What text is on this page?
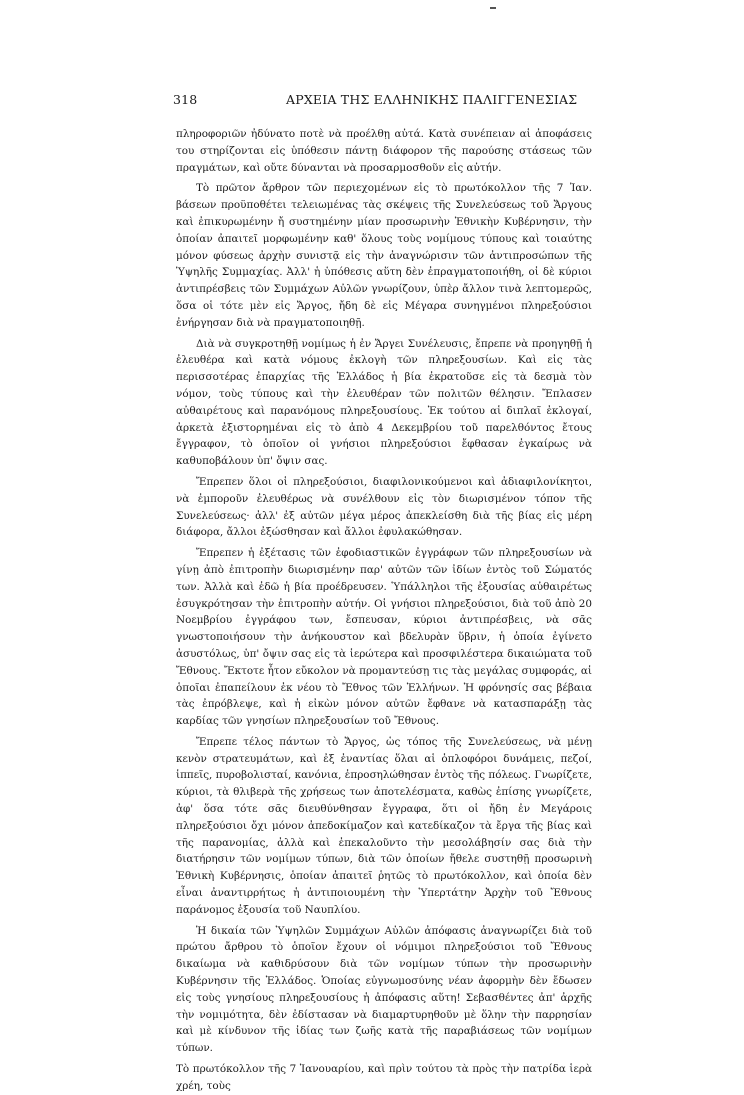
318	ΑΡΧΕΙΑ ΤΗΣ ΕΛΛΗΝΙΚΗΣ ΠΑΛΙΓΓΕΝΕΣΙΑΣ

πληροφοριῶν ἠδύνατο ποτὲ νὰ προέλθῃ αὐτά. Κατὰ συνέπειαν αἱ ἀποφάσεις του στηρίζονται εἰς ὑπόθεσιν πάντῃ διάφορον τῆς παρούσης στάσεως τῶν πραγμάτων, καὶ οὔτε δύνανται νὰ προσαρμοσθοῦν εἰς αὐτήν.

Τὸ πρῶτον ἄρθρον τῶν περιεχομένων εἰς τὸ πρωτόκολλον τῆς 7 Ἰαν. βάσεων προϋποθέτει τελειωμένας τὰς σκέψεις τῆς Συνελεύσεως τοῦ Ἄργους καὶ ἐπικυρωμένην ἤ συστημένην μίαν προσωρινὴν Ἐθνικὴν Κυβέρνησιν, τὴν ὁποίαν ἀπαιτεῖ μορφωμένην καθ' ὅλους τοὺς νομίμους τύπους καὶ τοιαύτης μόνον φύσεως ἀρχὴν συνιστᾷ εἰς τὴν ἀναγνώρισιν τῶν ἀντιπροσώπων τῆς Ὑψηλῆς Συμμαχίας. Ἀλλ' ἡ ὑπόθεσις αὕτη δὲν ἐπραγματοποιήθη, οἱ δὲ κύριοι ἀντιπρέσβεις τῶν Συμμάχων Αὐλῶν γνωρίζουν, ὑπὲρ ἄλλον τινὰ λεπτομερῶς, ὅσα οἱ τότε μὲν εἰς Ἄργος, ἤδη δὲ εἰς Μέγαρα συνηγμένοι πληρεξούσιοι ἐνήργησαν διὰ νὰ πραγματοποιηθῇ.

Διὰ νὰ συγκροτηθῇ νομίμως ἡ ἐν Ἄργει Συνέλευσις, ἔπρεπε νὰ προηγηθῇ ἡ ἐλευθέρα καὶ κατὰ νόμους ἐκλογὴ τῶν πληρεξουσίων. Καὶ εἰς τὰς περισσοτέρας ἐπαρχίας τῆς Ἑλλάδος ἡ βία ἐκρατοῦσε εἰς τὰ δεσμὰ τὸν νόμον, τοὺς τύπους καὶ τὴν ἐλευθέραν τῶν πολιτῶν θέλησιν. Ἔπλασεν αὐθαιρέτους καὶ παρανόμους πληρεξουσίους. Ἐκ τούτου αἱ διπλαῖ ἐκλογαί, ἀρκετὰ ἐξιστορημέναι εἰς τὸ ἀπὸ 4 Δεκεμβρίου τοῦ παρελθόντος ἔτους ἔγγραφον, τὸ ὁποῖον οἱ γνήσιοι πληρεξούσιοι ἔφθασαν ἐγκαίρως νὰ καθυποβάλουν ὑπ' ὄψιν σας.

Ἔπρεπεν ὅλοι οἱ πληρεξούσιοι, διαφιλονικούμενοι καὶ ἀδιαφιλονίκητοι, νὰ ἐμποροῦν ἐλευθέρως νὰ συνέλθουν εἰς τὸν διωρισμένον τόπον τῆς Συνελεύσεως· ἀλλ' ἐξ αὐτῶν μέγα μέρος ἀπεκλείσθη διὰ τῆς βίας εἰς μέρη διάφορα, ἄλλοι ἐξώσθησαν καὶ ἄλλοι ἐφυλακώθησαν.

Ἔπρεπεν ἡ ἐξέτασις τῶν ἐφοδιαστικῶν ἐγγράφων τῶν πληρεξουσίων νὰ γίνῃ ἀπὸ ἐπιτροπὴν διωρισμένην παρ' αὐτῶν τῶν ἰδίων ἐντὸς τοῦ Σώματός των. Ἀλλὰ καὶ ἐδῶ ἡ βία προέδρευσεν. Ὑπάλληλοι τῆς ἐξουσίας αὐθαιρέτως ἐσυγκρότησαν τὴν ἐπιτροπὴν αὐτήν. Οἱ γνήσιοι πληρεξούσιοι, διὰ τοῦ ἀπὸ 20 Νοεμβρίου ἐγγράφου των, ἔσπευσαν, κύριοι ἀντιπρέσβεις, νὰ σᾶς γνωστοποιήσουν τὴν ἀνήκουστον καὶ βδελυρὰν ὕβριν, ἡ ὁποία ἐγίνετο ἀσυστόλως, ὑπ' ὄψιν σας εἰς τὰ ἱερώτερα καὶ προσφιλέστερα δικαιώματα τοῦ Ἔθνους. Ἔκτοτε ἦτον εὔκολον νὰ προμαντεύσῃ τις τὰς μεγάλας συμφοράς, αἱ ὁποῖαι ἐπαπείλουν ἐκ νέου τὸ Ἔθνος τῶν Ἑλλήνων. Ἡ φρόνησίς σας βέβαια τὰς ἐπρόβλεψε, καὶ ἡ εἰκὼν μόνον αὐτῶν ἔφθανε νὰ κατασπαράξῃ τὰς καρδίας τῶν γνησίων πληρεξουσίων τοῦ Ἔθνους.

Ἔπρεπε τέλος πάντων τὸ Ἄργος, ὡς τόπος τῆς Συνελεύσεως, νὰ μένῃ κενὸν στρατευμάτων, καὶ ἐξ ἐναντίας ὅλαι αἱ ὁπλοφόροι δυνάμεις, πεζοί, ἱππεῖς, πυροβολισταί, κανόνια, ἐπροσηλώθησαν ἐντὸς τῆς πόλεως. Γνωρίζετε, κύριοι, τὰ θλιβερὰ τῆς χρήσεως των ἀποτελέσματα, καθὼς ἐπίσης γνωρίζετε, ἀφ' ὅσα τότε σᾶς διευθύνθησαν ἔγγραφα, ὅτι οἱ ἤδη ἐν Μεγάροις πληρεξούσιοι ὄχι μόνον ἀπεδοκίμαζον καὶ κατεδίκαζον τὰ ἔργα τῆς βίας καὶ τῆς παρανομίας, ἀλλὰ καὶ ἐπεκαλοῦντο τὴν μεσολάβησίν σας διὰ τὴν διατήρησιν τῶν νομίμων τύπων, διὰ τῶν ὁποίων ἤθελε συστηθῇ προσωρινὴ Ἐθνικὴ Κυβέρνησις, ὁποίαν ἀπαιτεῖ ῥητῶς τὸ πρωτόκολλον, καὶ ὁποία δὲν εἶναι ἀναντιρρήτως ἡ ἀντιποιουμένη τὴν Ὑπερτάτην Ἀρχὴν τοῦ Ἔθνους παράνομος ἐξουσία τοῦ Ναυπλίου.

Ἡ δικαία τῶν Ὑψηλῶν Συμμάχων Αὐλῶν ἀπόφασις ἀναγνωρίζει διὰ τοῦ πρώτου ἄρθρου τὸ ὁποῖον ἔχουν οἱ νόμιμοι πληρεξούσιοι τοῦ Ἔθνους δικαίωμα νὰ καθιδρύσουν διὰ τῶν νομίμων τύπων τὴν προσωρινὴν Κυβέρνησιν τῆς Ἑλλάδος. Ὁποίας εὐγνωμοσύνης νέαν ἀφορμὴν δὲν ἔδωσεν εἰς τοὺς γνησίους πληρεξουσίους ἡ ἀπόφασις αὕτη! Σεβασθέντες ἀπ' ἀρχῆς τὴν νομιμότητα, δὲν ἐδίστασαν νὰ διαμαρτυρηθοῦν μὲ ὅλην τὴν παρρησίαν καὶ μὲ κίνδυνον τῆς ἰδίας των ζωῆς κατὰ τῆς παραβιάσεως τῶν νομίμων τύπων.

Τὸ πρωτόκολλον τῆς 7 Ἰανουαρίου, καὶ πρὶν τούτου τὰ πρὸς τὴν πατρίδα ἱερὰ χρέη, τοὺς
